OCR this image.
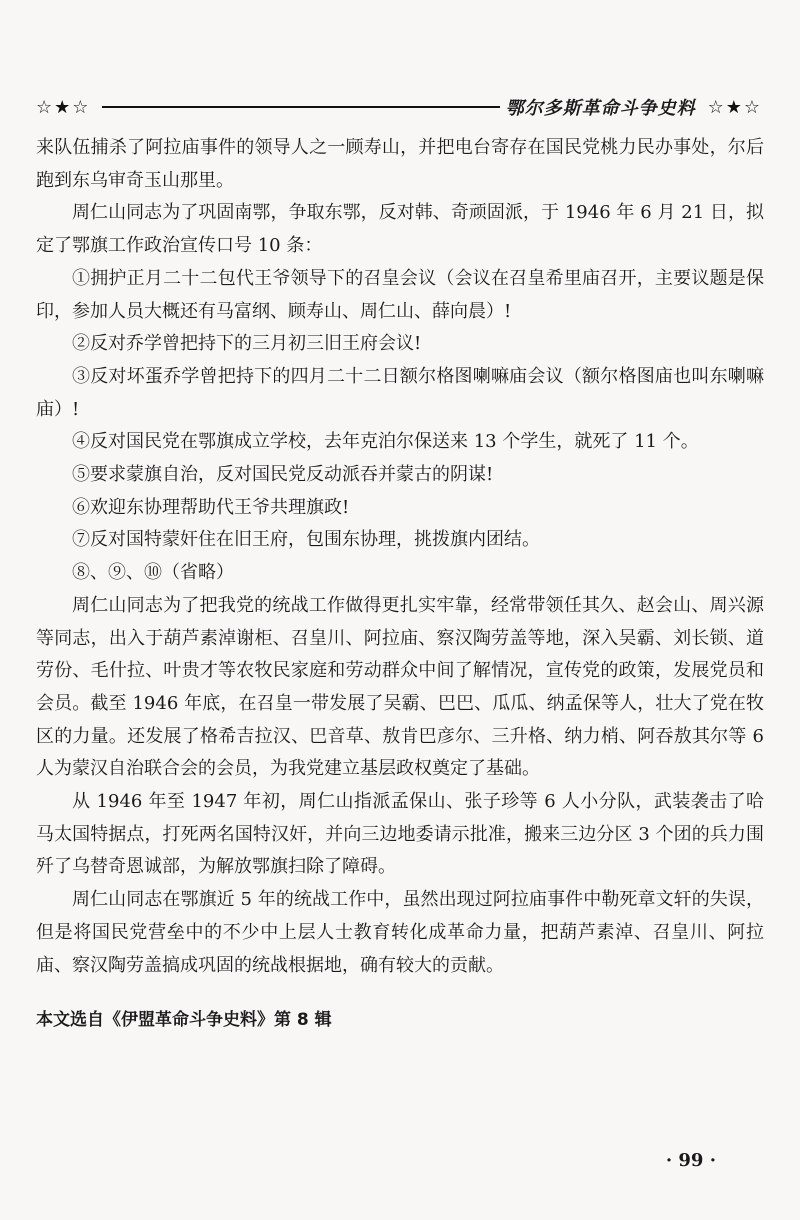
☆★☆	鄂尔多斯革命斗争史料 ☆★☆

来队伍捕杀了阿拉庙事件的领导人之一顾寿山，并把电台寄存在国民党桃力民办事处，尔后跑到东乌审奇玉山那里。

周仁山同志为了巩固南鄂，争取东鄂，反对韩、奇顽固派，于 1946 年 6 月 21 日，拟定了鄂旗工作政治宣传口号 10 条：

①拥护正月二十二包代王爷领导下的召皇会议（会议在召皇希里庙召开，主要议题是保印，参加人员大概还有马富纲、顾寿山、周仁山、薛向晨）!

②反对乔学曾把持下的三月初三旧王府会议!

③反对坏蛋乔学曾把持下的四月二十二日额尔格图喇嘛庙会议（额尔格图庙也叫东喇嘛庙）!

④反对国民党在鄂旗成立学校，去年克泊尔保送来 13 个学生，就死了 11 个。

⑤要求蒙旗自治，反对国民党反动派吞并蒙古的阴谋!

⑥欢迎东协理帮助代王爷共理旗政!

⑦反对国特蒙奸住在旧王府，包围东协理，挑拨旗内团结。

⑧、⑨、⑩（省略）

周仁山同志为了把我党的统战工作做得更扎实牢靠，经常带领任其久、赵会山、周兴源等同志，出入于葫芦素淖谢柜、召皇川、阿拉庙、察汉陶劳盖等地，深入吴霸、刘长锁、道劳份、毛什拉、叶贵才等农牧民家庭和劳动群众中间了解情况，宣传党的政策，发展党员和会员。截至 1946 年底，在召皇一带发展了吴霸、巴巴、瓜瓜、纳孟保等人，壮大了党在牧区的力量。还发展了格希吉拉汉、巴音草、敖肯巴彦尔、三升格、纳力梢、阿吞敖其尔等 6 人为蒙汉自治联合会的会员，为我党建立基层政权奠定了基础。

从 1946 年至 1947 年初，周仁山指派孟保山、张子珍等 6 人小分队，武装袭击了哈马太国特据点，打死两名国特汉奸，并向三边地委请示批准，搬来三边分区 3 个团的兵力围歼了乌替奇恩诚部，为解放鄂旗扫除了障碍。

周仁山同志在鄂旗近 5 年的统战工作中，虽然出现过阿拉庙事件中勒死章文轩的失误，但是将国民党营垒中的不少中上层人士教育转化成革命力量，把葫芦素淖、召皇川、阿拉庙、察汉陶劳盖搞成巩固的统战根据地，确有较大的贡献。

本文选自《伊盟革命斗争史料》第 8 辑

· 99 ·
